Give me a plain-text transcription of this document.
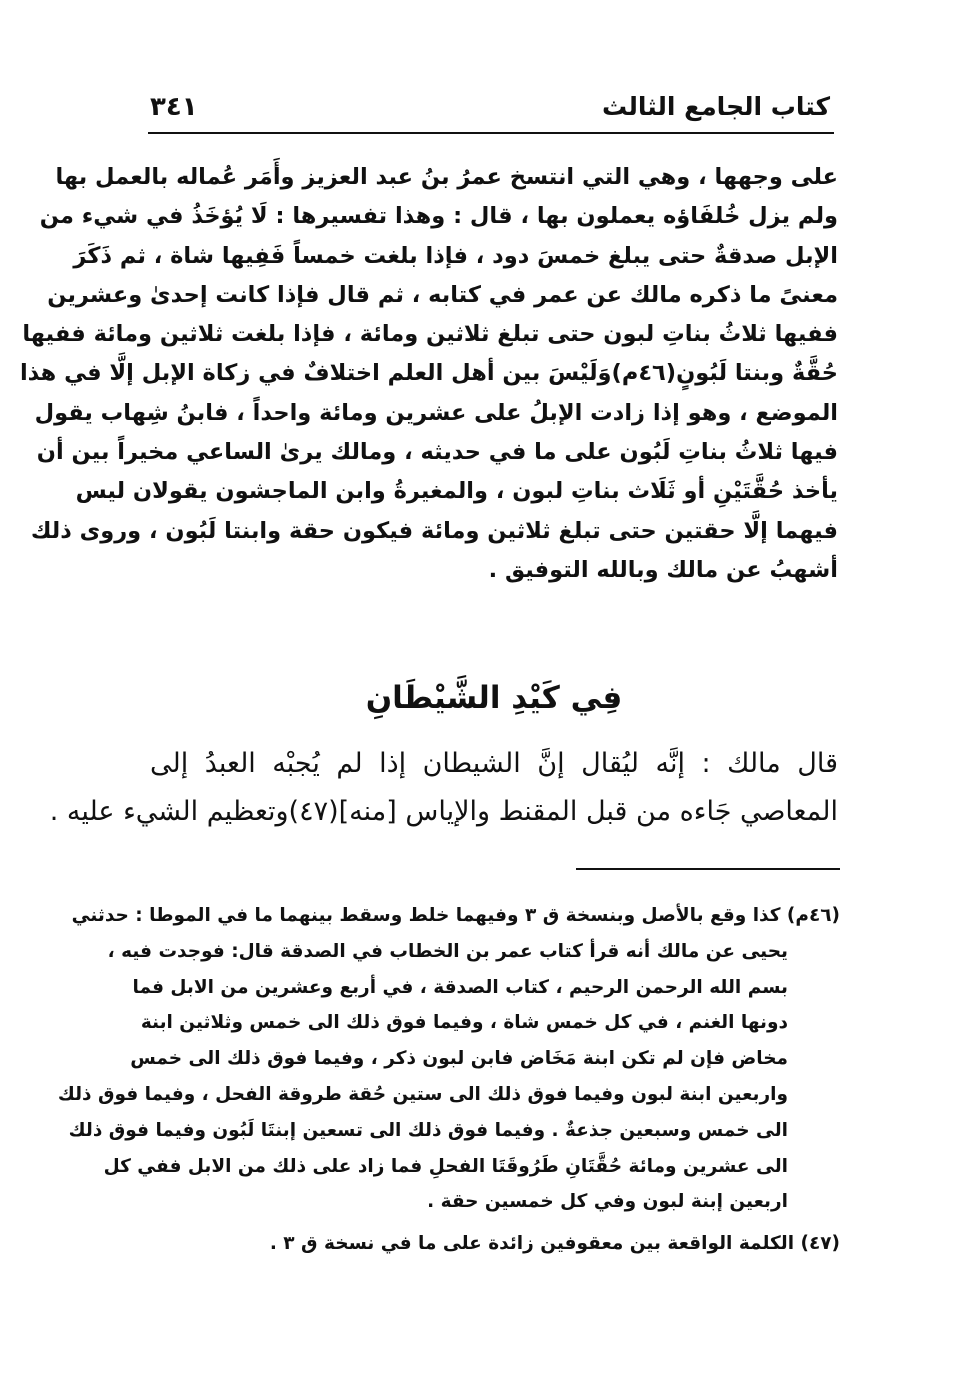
٣٤١	كتاب الجامع الثالث
على وجهها ، وهي التي انتسخ عمرُ بنُ عبد العزيز وأَمَر عُماله بالعمل بها
ولم يزل خُلفَاؤه يعملون بها ، قال : وهذا تفسيرها : لَا يُؤخَذُ في شيء من
الإبل صدقةٌ حتى يبلغ خمسَ دود ، فإذا بلغت خمساً فَفِيها شاة ، ثم ذَكَرَ
معنىً ما ذكره مالك عن عمر في كتابه ، ثم قال فإذا كانت إحدىٰ وعشرين
ففيها ثلاثُ بناتِ لبون حتى تبلغ ثلاثين ومائة ، فإذا بلغت ثلاثين ومائة ففيها
حُقَّةٌ وبنتا لَبُونٍ(٤٦م)وَلَيْسَ بين أهل العلم اختلافٌ في زكاة الإبل إلَّا في هذا
الموضع ، وهو إذا زادت الإبلُ على عشرين ومائة واحداً ، فابنُ شِهاب يقول
فيها ثلاثُ بناتِ لَبُون على ما في حديثه ، ومالك يرىٰ الساعي مخيراً بين أن
يأخذ حُقَّتَيْنِ أو ثَلَاث بناتِ لبون ، والمغيرةُ وابن الماجشون يقولان ليس
فيهما إلَّا حقتين حتى تبلغ ثلاثين ومائة فيكون حقة وابنتا لَبُون ، وروى ذلك
أشهبُ عن مالك وبالله التوفيق .
فِي كَيْدِ الشَّيْطَانِ
قال مالك : إنَّه ليُقال إنَّ الشيطان إذا لم يُجبْه العبدُ إلى
المعاصي جَاءه من قبل المقنط والإياس [منه](٤٧)وتعظيم الشيء عليه .
(٤٦م) كذا وقع بالأصل وبنسخة ق ٣ وفيهما خلط وسقط بينهما ما في الموطا : حدثني
يحيى عن مالك أنه قرأ كتاب عمر بن الخطاب في الصدقة قال: فوجدت فيه ،
بسم الله الرحمن الرحيم ، كتاب الصدقة ، في أربع وعشرين من الابل فما
دونها الغنم ، في كل خمس شاة ، وفيما فوق ذلك الى خمس وثلاثين ابنة
مخاض فإن لم تكن ابنة مَخَاض فابن لبون ذكر ، وفيما فوق ذلك الى خمس
واربعين ابنة لبون وفيما فوق ذلك الى ستين حُقة طروقة الفحل ، وفيما فوق ذلك
الى خمس وسبعين جذعةٌ . وفيما فوق ذلك الى تسعين إبنتَا لَبُون وفيما فوق ذلك
الى عشرين ومائة حُقَّتَانِ طَرُوقَتَا الفحلِ فما زاد على ذلك من الابل ففي كل
اربعين إبنة لبون وفي كل خمسين حقة .
(٤٧) الكلمة الواقعة بين معقوفين زائدة على ما في نسخة ق ٣ .
